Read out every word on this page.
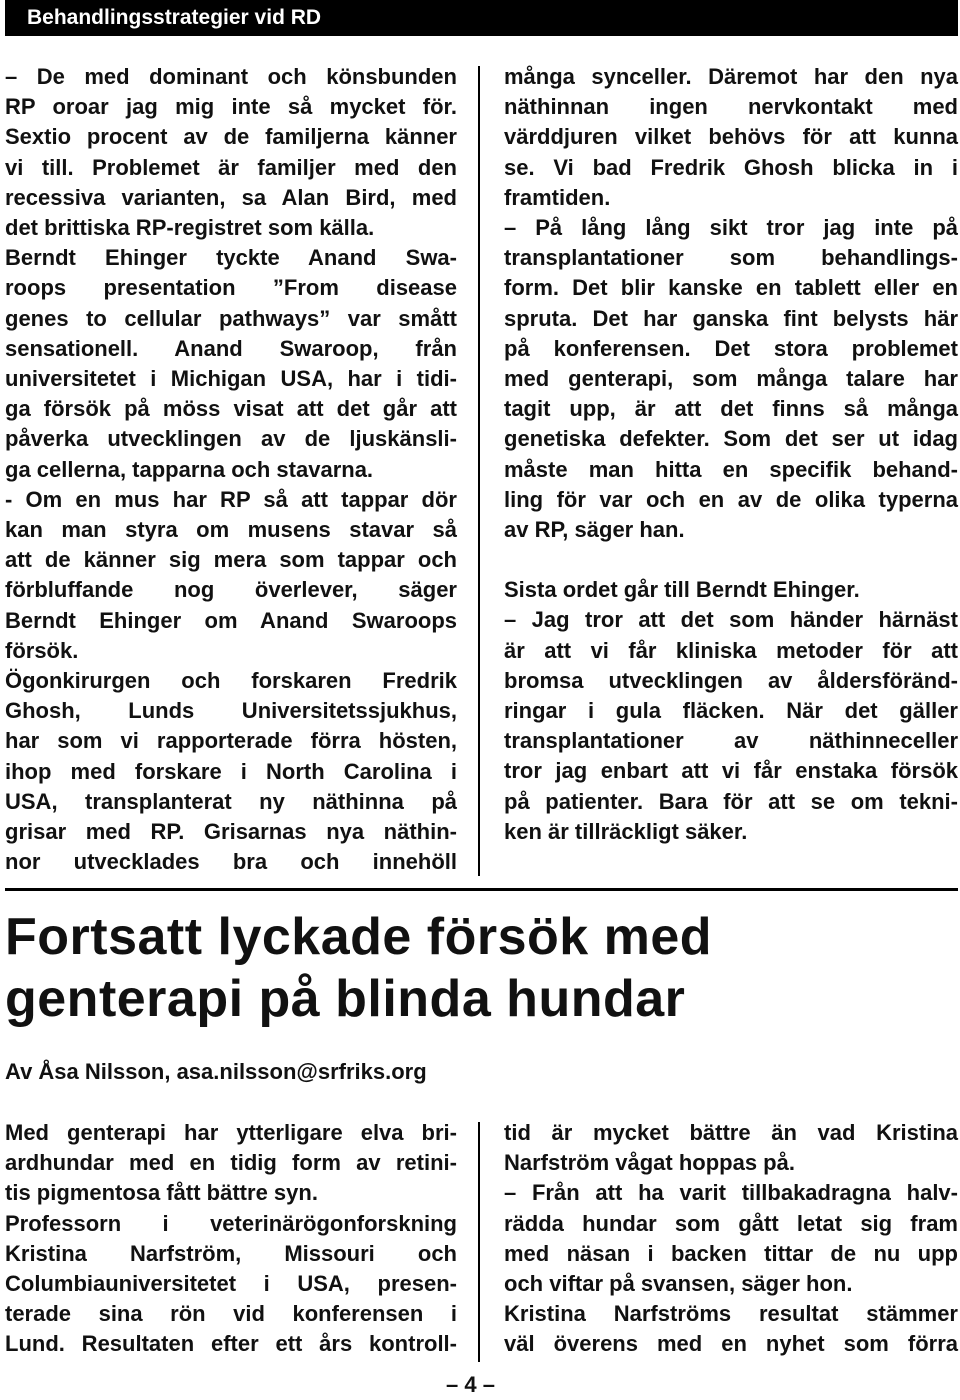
Behandlingsstrategier vid RD

– De med dominant och könsbunden
RP oroar jag mig inte så mycket för.
Sextio procent av de familjerna känner
vi till. Problemet är familjer med den
recessiva varianten, sa Alan Bird, med
det brittiska RP-registret som källa.
Berndt Ehinger tyckte Anand Swa-
roops presentation ”From disease
genes to cellular pathways” var smått
sensationell. Anand Swaroop, från
universitetet i Michigan USA, har i tidi-
ga försök på möss visat att det går att
påverka utvecklingen av de ljuskänsli-
ga cellerna, tapparna och stavarna.
- Om en mus har RP så att tappar dör
kan man styra om musens stavar så
att de känner sig mera som tappar och
förbluffande nog överlever, säger
Berndt Ehinger om Anand Swaroops
försök.
Ögonkirurgen och forskaren Fredrik
Ghosh, Lunds Universitetssjukhus,
har som vi rapporterade förra hösten,
ihop med forskare i North Carolina i
USA, transplanterat ny näthinna på
grisar med RP. Grisarnas nya näthin-
nor utvecklades bra och innehöll

många synceller. Däremot har den nya
näthinnan ingen nervkontakt med
värddjuren vilket behövs för att kunna
se. Vi bad Fredrik Ghosh blicka in i
framtiden.
– På lång lång sikt tror jag inte på
transplantationer som behandlings-
form. Det blir kanske en tablett eller en
spruta. Det har ganska fint belysts här
på konferensen. Det stora problemet
med genterapi, som många talare har
tagit upp, är att det finns så många
genetiska defekter. Som det ser ut idag
måste man hitta en specifik behand-
ling för var och en av de olika typerna
av RP, säger han.

Sista ordet går till Berndt Ehinger.
– Jag tror att det som händer härnäst
är att vi får kliniska metoder för att
bromsa utvecklingen av åldersföränd-
ringar i gula fläcken. När det gäller
transplantationer av näthinneceller
tror jag enbart att vi får enstaka försök
på patienter. Bara för att se om tekni-
ken är tillräckligt säker.

Fortsatt lyckade försök med
genterapi på blinda hundar
Av Åsa Nilsson, asa.nilsson@srfriks.org

Med genterapi har ytterligare elva bri-
ardhundar med en tidig form av retini-
tis pigmentosa fått bättre syn.
Professorn i veterinärögonforskning
Kristina Narfström, Missouri och
Columbiauniversitetet i USA, presen-
terade sina rön vid konferensen i
Lund. Resultaten efter ett års kontroll-

tid är mycket bättre än vad Kristina
Narfström vågat hoppas på.
– Från att ha varit tillbakadragna halv-
rädda hundar som gått letat sig fram
med näsan i backen tittar de nu upp
och viftar på svansen, säger hon.
Kristina Narfströms resultat stämmer
väl överens med en nyhet som förra

– 4 –
